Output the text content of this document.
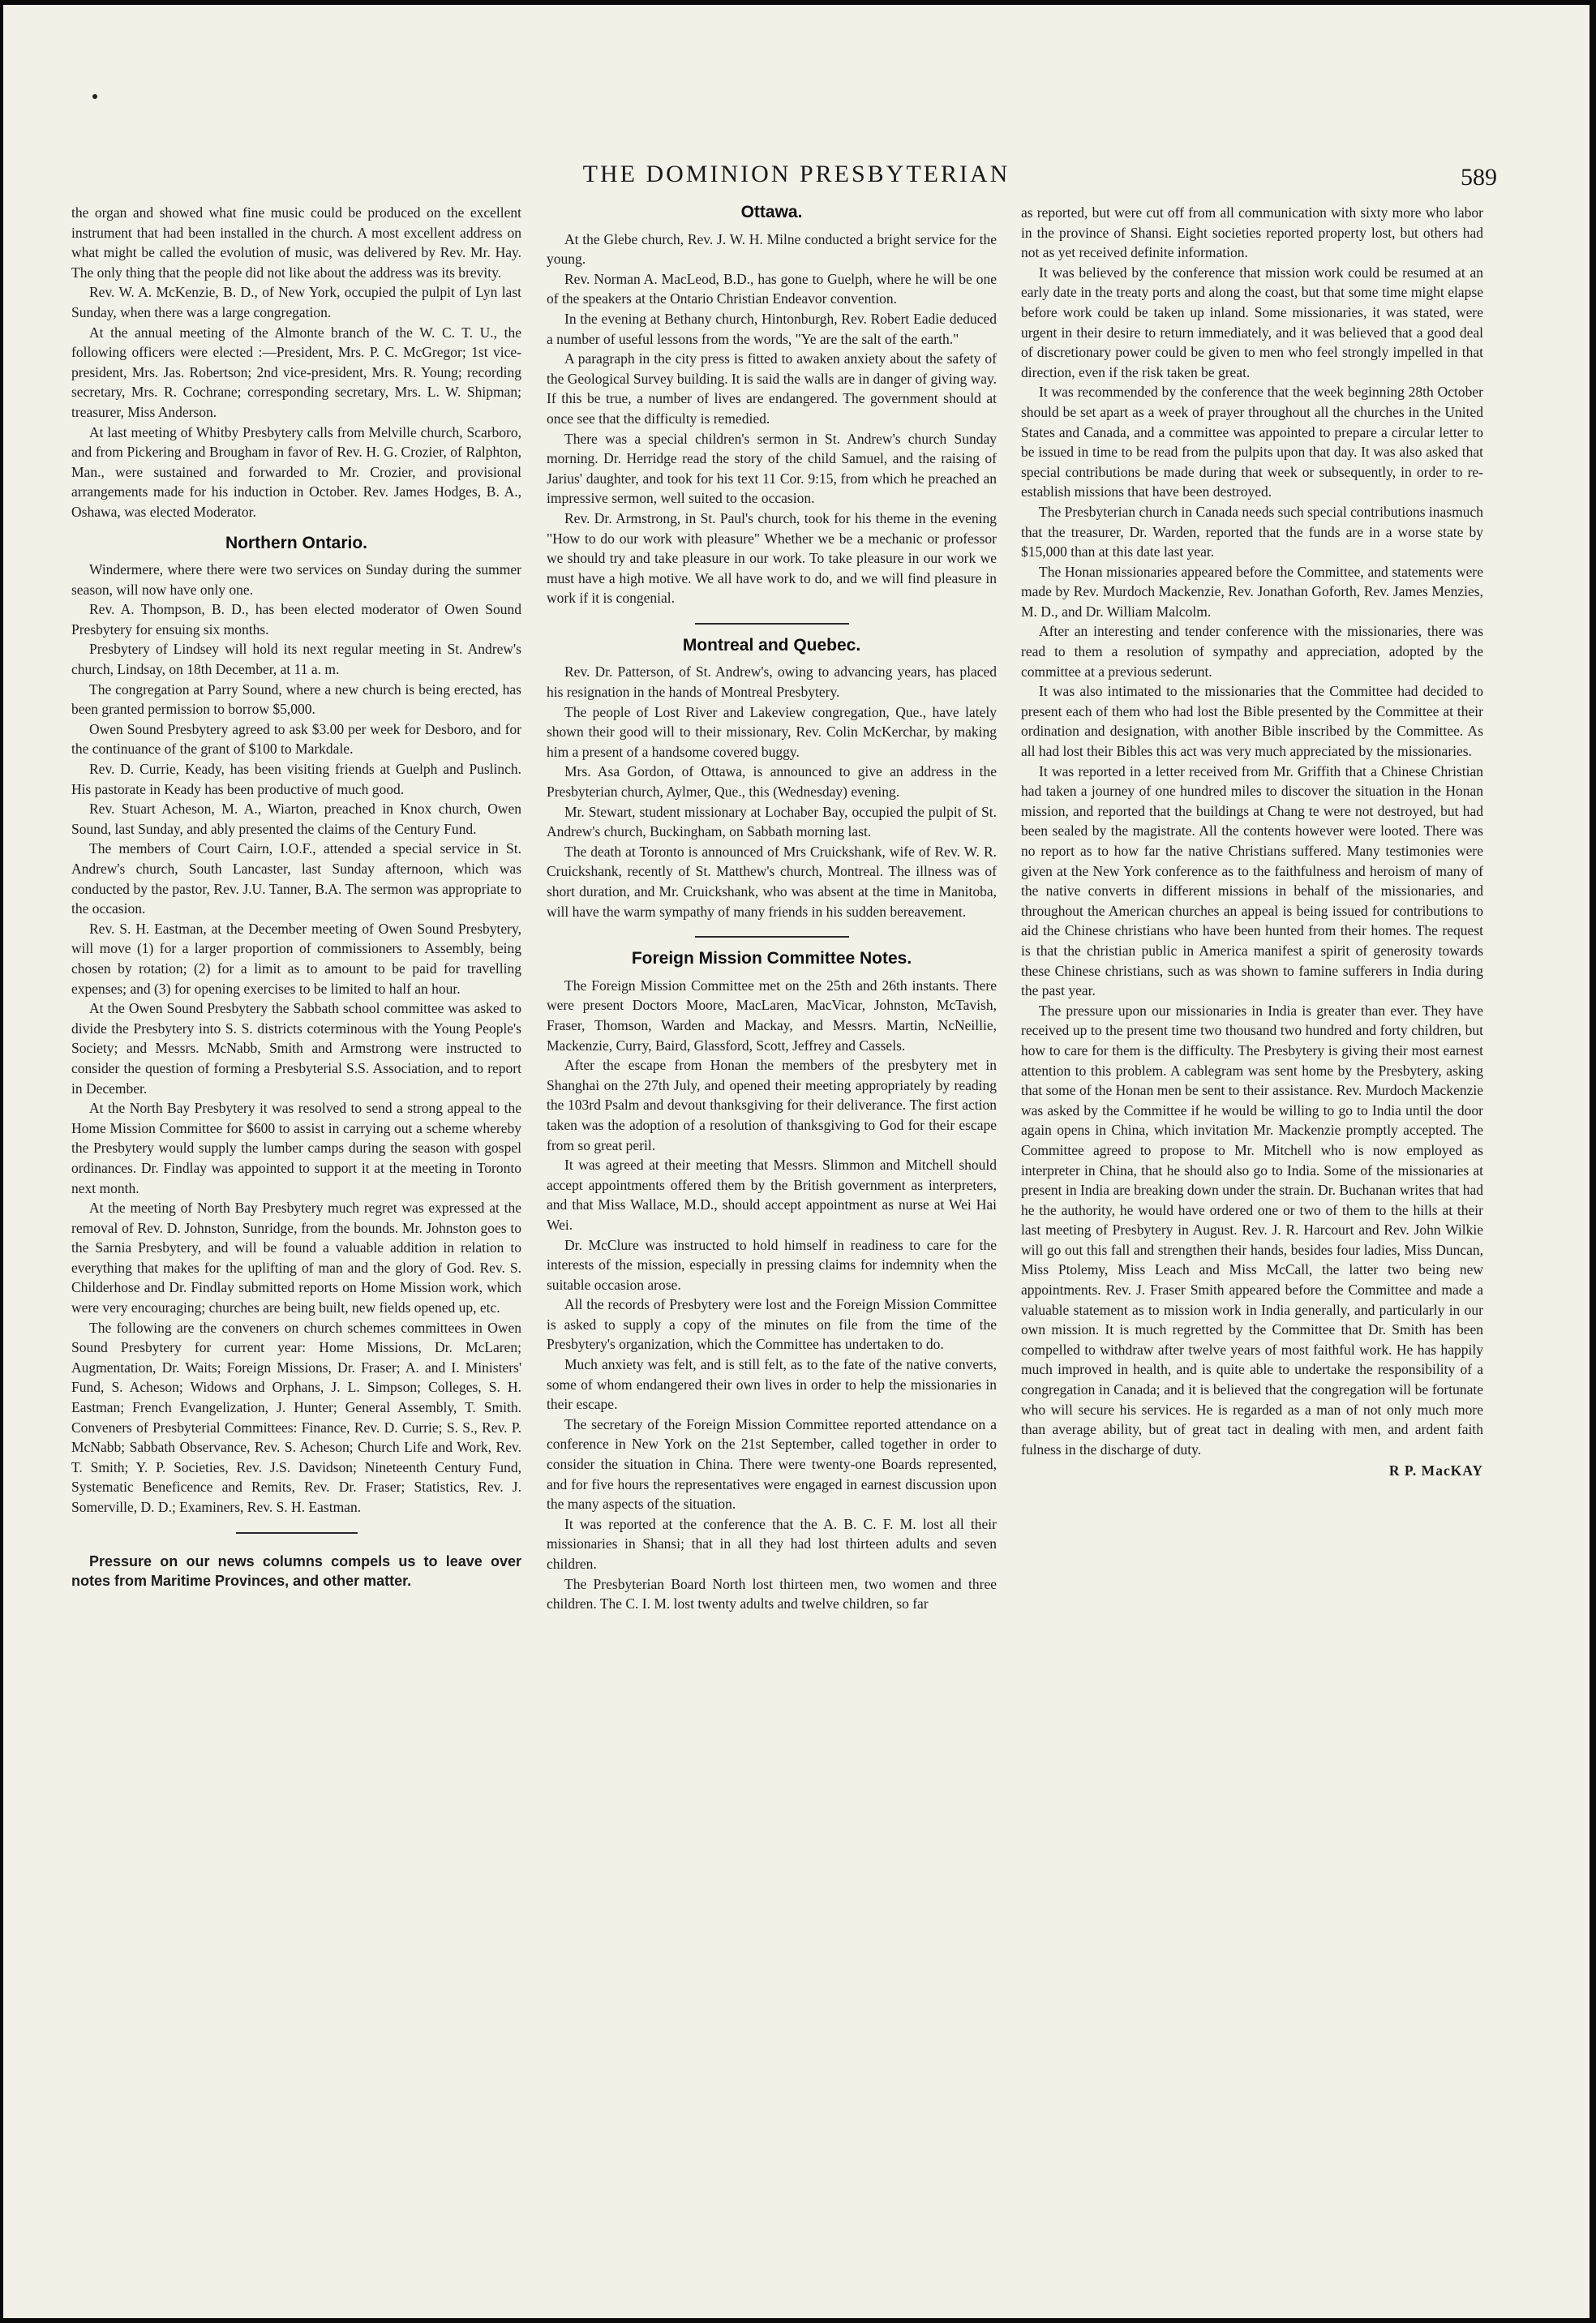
THE DOMINION PRESBYTERIAN	589

the organ and showed what fine music could be produced on the excellent instrument that had been installed in the church. A most excellent address on what might be called the evolution of music, was delivered by Rev. Mr. Hay. The only thing that the people did not like about the address was its brevity.

Rev. W. A. McKenzie, B. D., of New York, occupied the pulpit of Lyn last Sunday, when there was a large congregation.

At the annual meeting of the Almonte branch of the W. C. T. U., the following officers were elected :—President, Mrs. P. C. McGregor; 1st vice-president, Mrs. Jas. Robertson; 2nd vice-president, Mrs. R. Young; recording secretary, Mrs. R. Cochrane; corresponding secretary, Mrs. L. W. Shipman; treasurer, Miss Anderson.

At last meeting of Whitby Presbytery calls from Melville church, Scarboro, and from Pickering and Brougham in favor of Rev. H. G. Crozier, of Ralphton, Man., were sustained and forwarded to Mr. Crozier, and provisional arrangements made for his induction in October. Rev. James Hodges, B. A., Oshawa, was elected Moderator.

Northern Ontario.

Windermere, where there were two services on Sunday during the summer season, will now have only one.

Rev. A. Thompson, B. D., has been elected moderator of Owen Sound Presbytery for ensuing six months.

Presbytery of Lindsey will hold its next regular meeting in St. Andrew's church, Lindsay, on 18th December, at 11 a. m.

The congregation at Parry Sound, where a new church is being erected, has been granted permission to borrow $5,000.

Owen Sound Presbytery agreed to ask $3.00 per week for Desboro, and for the continuance of the grant of $100 to Markdale.

Rev. D. Currie, Keady, has been visiting friends at Guelph and Puslinch. His pastorate in Keady has been productive of much good.

Rev. Stuart Acheson, M. A., Wiarton, preached in Knox church, Owen Sound, last Sunday, and ably presented the claims of the Century Fund.

The members of Court Cairn, I.O.F., attended a special service in St. Andrew's church, South Lancaster, last Sunday afternoon, which was conducted by the pastor, Rev. J.U. Tanner, B.A. The sermon was appropriate to the occasion.

Rev. S. H. Eastman, at the December meeting of Owen Sound Presbytery, will move (1) for a larger proportion of commissioners to Assembly, being chosen by rotation; (2) for a limit as to amount to be paid for travelling expenses; and (3) for opening exercises to be limited to half an hour.

At the Owen Sound Presbytery the Sabbath school committee was asked to divide the Presbytery into S. S. districts coterminous with the Young People's Society; and Messrs. McNabb, Smith and Armstrong were instructed to consider the question of forming a Presbyterial S.S. Association, and to report in December.

At the North Bay Presbytery it was resolved to send a strong appeal to the Home Mission Committee for $600 to assist in carrying out a scheme whereby the Presbytery would supply the lumber camps during the season with gospel ordinances. Dr. Findlay was appointed to support it at the meeting in Toronto next month.

At the meeting of North Bay Presbytery much regret was expressed at the removal of Rev. D. Johnston, Sunridge, from the bounds. Mr. Johnston goes to the Sarnia Presbytery, and will be found a valuable addition in relation to everything that makes for the uplifting of man and the glory of God. Rev. S. Childerhose and Dr. Findlay submitted reports on Home Mission work, which were very encouraging; churches are being built, new fields opened up, etc.

The following are the conveners on church schemes committees in Owen Sound Presbytery for current year: Home Missions, Dr. McLaren; Augmentation, Dr. Waits; Foreign Missions, Dr. Fraser; A. and I. Ministers' Fund, S. Acheson; Widows and Orphans, J. L. Simpson; Colleges, S. H. Eastman; French Evangelization, J. Hunter; General Assembly, T. Smith. Conveners of Presbyterial Committees: Finance, Rev. D. Currie; S. S., Rev. P. McNabb; Sabbath Observance, Rev. S. Acheson; Church Life and Work, Rev. T. Smith; Y. P. Societies, Rev. J.S. Davidson; Nineteenth Century Fund, Systematic Beneficence and Remits, Rev. Dr. Fraser; Statistics, Rev. J. Somerville, D. D.; Examiners, Rev. S. H. Eastman.

Pressure on our news columns compels us to leave over notes from Maritime Provinces, and other matter.

Ottawa.

At the Glebe church, Rev. J. W. H. Milne conducted a bright service for the young.

Rev. Norman A. MacLeod, B.D., has gone to Guelph, where he will be one of the speakers at the Ontario Christian Endeavor convention.

In the evening at Bethany church, Hintonburgh, Rev. Robert Eadie deduced a number of useful lessons from the words, "Ye are the salt of the earth."

A paragraph in the city press is fitted to awaken anxiety about the safety of the Geological Survey building. It is said the walls are in danger of giving way. If this be true, a number of lives are endangered. The government should at once see that the difficulty is remedied.

There was a special children's sermon in St. Andrew's church Sunday morning. Dr. Herridge read the story of the child Samuel, and the raising of Jarius' daughter, and took for his text 11 Cor. 9:15, from which he preached an impressive sermon, well suited to the occasion.

Rev. Dr. Armstrong, in St. Paul's church, took for his theme in the evening "How to do our work with pleasure" Whether we be a mechanic or professor we should try and take pleasure in our work. To take pleasure in our work we must have a high motive. We all have work to do, and we will find pleasure in work if it is congenial.

Montreal and Quebec.

Rev. Dr. Patterson, of St. Andrew's, owing to advancing years, has placed his resignation in the hands of Montreal Presbytery.

The people of Lost River and Lakeview congregation, Que., have lately shown their good will to their missionary, Rev. Colin McKerchar, by making him a present of a handsome covered buggy.

Mrs. Asa Gordon, of Ottawa, is announced to give an address in the Presbyterian church, Aylmer, Que., this (Wednesday) evening.

Mr. Stewart, student missionary at Lochaber Bay, occupied the pulpit of St. Andrew's church, Buckingham, on Sabbath morning last.

The death at Toronto is announced of Mrs Cruickshank, wife of Rev. W. R. Cruickshank, recently of St. Matthew's church, Montreal. The illness was of short duration, and Mr. Cruickshank, who was absent at the time in Manitoba, will have the warm sympathy of many friends in his sudden bereavement.

Foreign Mission Committee Notes.

The Foreign Mission Committee met on the 25th and 26th instants. There were present Doctors Moore, MacLaren, MacVicar, Johnston, McTavish, Fraser, Thomson, Warden and Mackay, and Messrs. Martin, NcNeillie, Mackenzie, Curry, Baird, Glassford, Scott, Jeffrey and Cassels.

After the escape from Honan the members of the presbytery met in Shanghai on the 27th July, and opened their meeting appropriately by reading the 103rd Psalm and devout thanksgiving for their deliverance. The first action taken was the adoption of a resolution of thanksgiving to God for their escape from so great peril.

It was agreed at their meeting that Messrs. Slimmon and Mitchell should accept appointments offered them by the British government as interpreters, and that Miss Wallace, M.D., should accept appointment as nurse at Wei Hai Wei.

Dr. McClure was instructed to hold himself in readiness to care for the interests of the mission, especially in pressing claims for indemnity when the suitable occasion arose.

All the records of Presbytery were lost and the Foreign Mission Committee is asked to supply a copy of the minutes on file from the time of the Presbytery's organization, which the Committee has undertaken to do.

Much anxiety was felt, and is still felt, as to the fate of the native converts, some of whom endangered their own lives in order to help the missionaries in their escape.

The secretary of the Foreign Mission Committee reported attendance on a conference in New York on the 21st September, called together in order to consider the situation in China. There were twenty-one Boards represented, and for five hours the representatives were engaged in earnest discussion upon the many aspects of the situation.

It was reported at the conference that the A. B. C. F. M. lost all their missionaries in Shansi; that in all they had lost thirteen adults and seven children.

The Presbyterian Board North lost thirteen men, two women and three children. The C. I. M. lost twenty adults and twelve children, so far

as reported, but were cut off from all communication with sixty more who labor in the province of Shansi. Eight societies reported property lost, but others had not as yet received definite information.

It was believed by the conference that mission work could be resumed at an early date in the treaty ports and along the coast, but that some time might elapse before work could be taken up inland. Some missionaries, it was stated, were urgent in their desire to return immediately, and it was believed that a good deal of discretionary power could be given to men who feel strongly impelled in that direction, even if the risk taken be great.

It was recommended by the conference that the week beginning 28th October should be set apart as a week of prayer throughout all the churches in the United States and Canada, and a committee was appointed to prepare a circular letter to be issued in time to be read from the pulpits upon that day. It was also asked that special contributions be made during that week or subsequently, in order to re-establish missions that have been destroyed.

The Presbyterian church in Canada needs such special contributions inasmuch that the treasurer, Dr. Warden, reported that the funds are in a worse state by $15,000 than at this date last year.

The Honan missionaries appeared before the Committee, and statements were made by Rev. Murdoch Mackenzie, Rev. Jonathan Goforth, Rev. James Menzies, M. D., and Dr. William Malcolm.

After an interesting and tender conference with the missionaries, there was read to them a resolution of sympathy and appreciation, adopted by the committee at a previous sederunt.

It was also intimated to the missionaries that the Committee had decided to present each of them who had lost the Bible presented by the Committee at their ordination and designation, with another Bible inscribed by the Committee. As all had lost their Bibles this act was very much appreciated by the missionaries.

It was reported in a letter received from Mr. Griffith that a Chinese Christian had taken a journey of one hundred miles to discover the situation in the Honan mission, and reported that the buildings at Chang te were not destroyed, but had been sealed by the magistrate. All the contents however were looted. There was no report as to how far the native Christians suffered. Many testimonies were given at the New York conference as to the faithfulness and heroism of many of the native converts in different missions in behalf of the missionaries, and throughout the American churches an appeal is being issued for contributions to aid the Chinese christians who have been hunted from their homes. The request is that the christian public in America manifest a spirit of generosity towards these Chinese christians, such as was shown to famine sufferers in India during the past year.

The pressure upon our missionaries in India is greater than ever. They have received up to the present time two thousand two hundred and forty children, but how to care for them is the difficulty. The Presbytery is giving their most earnest attention to this problem. A cablegram was sent home by the Presbytery, asking that some of the Honan men be sent to their assistance. Rev. Murdoch Mackenzie was asked by the Committee if he would be willing to go to India until the door again opens in China, which invitation Mr. Mackenzie promptly accepted. The Committee agreed to propose to Mr. Mitchell who is now employed as interpreter in China, that he should also go to India. Some of the missionaries at present in India are breaking down under the strain. Dr. Buchanan writes that had he the authority, he would have ordered one or two of them to the hills at their last meeting of Presbytery in August. Rev. J. R. Harcourt and Rev. John Wilkie will go out this fall and strengthen their hands, besides four ladies, Miss Duncan, Miss Ptolemy, Miss Leach and Miss McCall, the latter two being new appointments. Rev. J. Fraser Smith appeared before the Committee and made a valuable statement as to mission work in India generally, and particularly in our own mission. It is much regretted by the Committee that Dr. Smith has been compelled to withdraw after twelve years of most faithful work. He has happily much improved in health, and is quite able to undertake the responsibility of a congregation in Canada; and it is believed that the congregation will be fortunate who will secure his services. He is regarded as a man of not only much more than average ability, but of great tact in dealing with men, and ardent faith fulness in the discharge of duty.

R P. MacKAY
